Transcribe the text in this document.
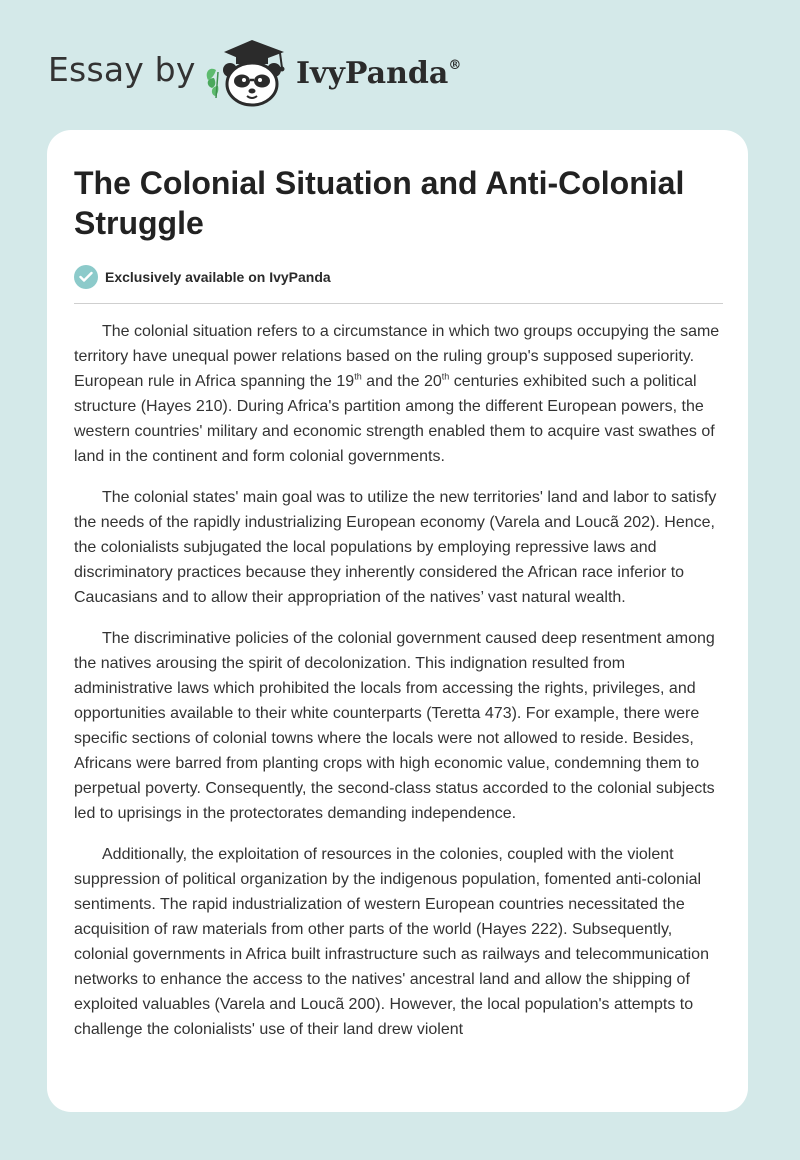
Essay by	IvyPanda®
The Colonial Situation and Anti-Colonial Struggle
Exclusively available on IvyPanda

The colonial situation refers to a circumstance in which two groups occupying the same territory have unequal power relations based on the ruling group's supposed superiority. European rule in Africa spanning the 19th and the 20th centuries exhibited such a political structure (Hayes 210). During Africa's partition among the different European powers, the western countries' military and economic strength enabled them to acquire vast swathes of land in the continent and form colonial governments.

The colonial states' main goal was to utilize the new territories' land and labor to satisfy the needs of the rapidly industrializing European economy (Varela and Loucã 202). Hence, the colonialists subjugated the local populations by employing repressive laws and discriminatory practices because they inherently considered the African race inferior to Caucasians and to allow their appropriation of the natives’ vast natural wealth.

The discriminative policies of the colonial government caused deep resentment among the natives arousing the spirit of decolonization. This indignation resulted from administrative laws which prohibited the locals from accessing the rights, privileges, and opportunities available to their white counterparts (Teretta 473). For example, there were specific sections of colonial towns where the locals were not allowed to reside. Besides, Africans were barred from planting crops with high economic value, condemning them to perpetual poverty. Consequently, the second-class status accorded to the colonial subjects led to uprisings in the protectorates demanding independence.

Additionally, the exploitation of resources in the colonies, coupled with the violent suppression of political organization by the indigenous population, fomented anti-colonial sentiments. The rapid industrialization of western European countries necessitated the acquisition of raw materials from other parts of the world (Hayes 222). Subsequently, colonial governments in Africa built infrastructure such as railways and telecommunication networks to enhance the access to the natives' ancestral land and allow the shipping of exploited valuables (Varela and Loucã 200). However, the local population's attempts to challenge the colonialists' use of their land drew violent
